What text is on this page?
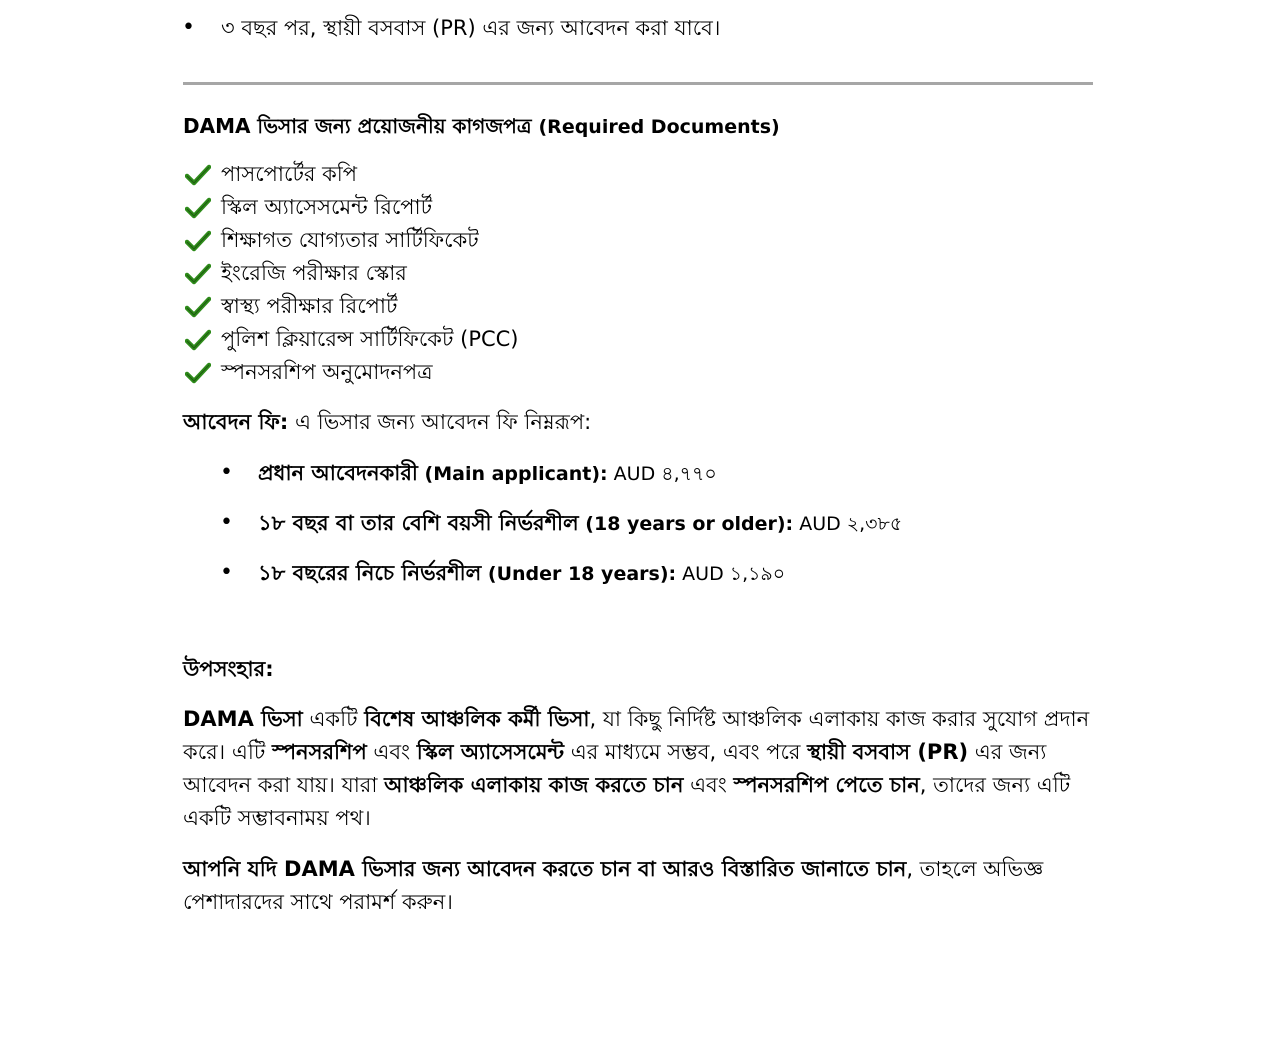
• ৩ বছর পর, স্থায়ী বসবাস (PR) এর জন্য আবেদন করা যাবে।
DAMA ভিসার জন্য প্রয়োজনীয় কাগজপত্র (Required Documents)
পাসপোর্টের কপি
স্কিল অ্যাসেসমেন্ট রিপোর্ট
শিক্ষাগত যোগ্যতার সার্টিফিকেট
ইংরেজি পরীক্ষার স্কোর
স্বাস্থ্য পরীক্ষার রিপোর্ট
পুলিশ ক্লিয়ারেন্স সার্টিফিকেট (PCC)
স্পনসরশিপ অনুমোদনপত্র
আবেদন ফি: এ ভিসার জন্য আবেদন ফি নিম্নরূপ:
• প্রধান আবেদনকারী (Main applicant): AUD ৪,৭৭০
• ১৮ বছর বা তার বেশি বয়সী নির্ভরশীল (18 years or older): AUD ২,৩৮৫
• ১৮ বছরের নিচে নির্ভরশীল (Under 18 years): AUD ১,১৯০
উপসংহার:

DAMA ভিসা একটি বিশেষ আঞ্চলিক কর্মী ভিসা, যা কিছু নির্দিষ্ট আঞ্চলিক এলাকায় কাজ করার সুযোগ প্রদান করে। এটি স্পনসরশিপ এবং স্কিল অ্যাসেসমেন্ট এর মাধ্যমে সম্ভব, এবং পরে স্থায়ী বসবাস (PR) এর জন্য আবেদন করা যায়। যারা আঞ্চলিক এলাকায় কাজ করতে চান এবং স্পনসরশিপ পেতে চান, তাদের জন্য এটি একটি সম্ভাবনাময় পথ।

আপনি যদি DAMA ভিসার জন্য আবেদন করতে চান বা আরও বিস্তারিত জানাতে চান, তাহলে অভিজ্ঞ পেশাদারদের সাথে পরামর্শ করুন।
